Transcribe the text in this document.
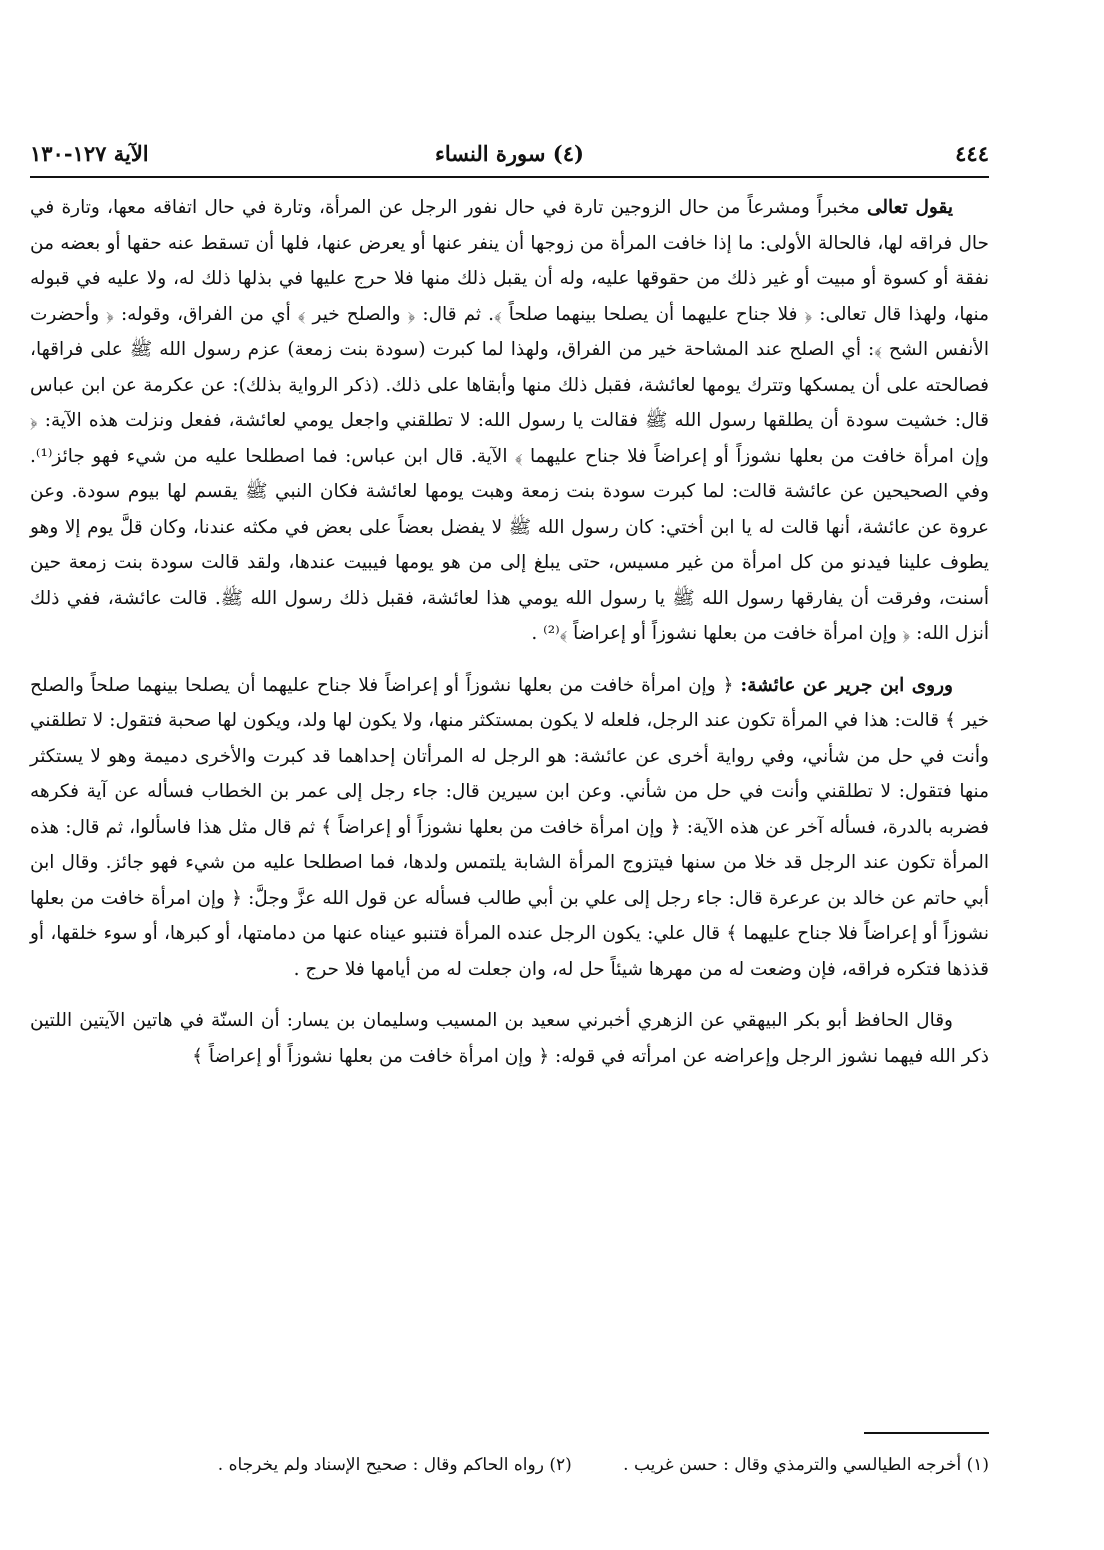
٤٤٤
(٤) سورة النساء
الآية ١٢٧-١٣٠

يقول تعالى مخبراً ومشرعاً من حال الزوجين تارة في حال نفور الرجل عن المرأة، وتارة في حال اتفاقه معها، وتارة في حال فراقه لها، فالحالة الأولى: ما إذا خافت المرأة من زوجها أن ينفر عنها أو يعرض عنها، فلها أن تسقط عنه حقها أو بعضه من نفقة أو كسوة أو مبيت أو غير ذلك من حقوقها عليه، وله أن يقبل ذلك منها فلا حرج عليها في بذلها ذلك له، ولا عليه في قبوله منها، ولهذا قال تعالى: ﴿ فلا جناح عليهما أن يصلحا بينهما صلحاً ﴾. ثم قال: ﴿ والصلح خير ﴾ أي من الفراق، وقوله: ﴿ وأحضرت الأنفس الشح ﴾: أي الصلح عند المشاحة خير من الفراق، ولهذا لما كبرت (سودة بنت زمعة) عزم رسول الله ﷺ على فراقها، فصالحته على أن يمسكها وتترك يومها لعائشة، فقبل ذلك منها وأبقاها على ذلك. (ذكر الرواية بذلك): عن عكرمة عن ابن عباس قال: خشيت سودة أن يطلقها رسول الله ﷺ فقالت يا رسول الله: لا تطلقني واجعل يومي لعائشة، ففعل ونزلت هذه الآية: ﴿ وإن امرأة خافت من بعلها نشوزاً أو إعراضاً فلا جناح عليهما ﴾ الآية. قال ابن عباس: فما اصطلحا عليه من شيء فهو جائز⁽¹⁾. وفي الصحيحين عن عائشة قالت: لما كبرت سودة بنت زمعة وهبت يومها لعائشة فكان النبي ﷺ يقسم لها بيوم سودة. وعن عروة عن عائشة، أنها قالت له يا ابن أختي: كان رسول الله ﷺ لا يفضل بعضاً على بعض في مكثه عندنا، وكان قلَّ يوم إلا وهو يطوف علينا فيدنو من كل امرأة من غير مسيس، حتى يبلغ إلى من هو يومها فيبيت عندها، ولقد قالت سودة بنت زمعة حين أسنت، وفرقت أن يفارقها رسول الله ﷺ يا رسول الله يومي هذا لعائشة، فقبل ذلك رسول الله ﷺ. قالت عائشة، ففي ذلك أنزل الله: ﴿ وإن امرأة خافت من بعلها نشوزاً أو إعراضاً ﴾⁽²⁾ .

وروى ابن جرير عن عائشة: ﴿ وإن امرأة خافت من بعلها نشوزاً أو إعراضاً فلا جناح عليهما أن يصلحا بينهما صلحاً والصلح خير ﴾ قالت: هذا في المرأة تكون عند الرجل، فلعله لا يكون بمستكثر منها، ولا يكون لها ولد، ويكون لها صحبة فتقول: لا تطلقني وأنت في حل من شأني، وفي رواية أخرى عن عائشة: هو الرجل له المرأتان إحداهما قد كبرت والأخرى دميمة وهو لا يستكثر منها فتقول: لا تطلقني وأنت في حل من شأني. وعن ابن سيرين قال: جاء رجل إلى عمر بن الخطاب فسأله عن آية فكرهه فضربه بالدرة، فسأله آخر عن هذه الآية: ﴿ وإن امرأة خافت من بعلها نشوزاً أو إعراضاً ﴾ ثم قال مثل هذا فاسألوا، ثم قال: هذه المرأة تكون عند الرجل قد خلا من سنها فيتزوج المرأة الشابة يلتمس ولدها، فما اصطلحا عليه من شيء فهو جائز. وقال ابن أبي حاتم عن خالد بن عرعرة قال: جاء رجل إلى علي بن أبي طالب فسأله عن قول الله عزَّ وجلَّ: ﴿ وإن امرأة خافت من بعلها نشوزاً أو إعراضاً فلا جناح عليهما ﴾ قال علي: يكون الرجل عنده المرأة فتنبو عيناه عنها من دمامتها، أو كبرها، أو سوء خلقها، أو قذذها فتكره فراقه، فإن وضعت له من مهرها شيئاً حل له، وان جعلت له من أيامها فلا حرج .

وقال الحافظ أبو بكر البيهقي عن الزهري أخبرني سعيد بن المسيب وسليمان بن يسار: أن السنّة في هاتين الآيتين اللتين ذكر الله فيهما نشوز الرجل وإعراضه عن امرأته في قوله: ﴿ وإن امرأة خافت من بعلها نشوزاً أو إعراضاً ﴾

(١) أخرجه الطيالسي والترمذي وقال : حسن غريب . (٢) رواه الحاكم وقال : صحيح الإسناد ولم يخرجاه .
